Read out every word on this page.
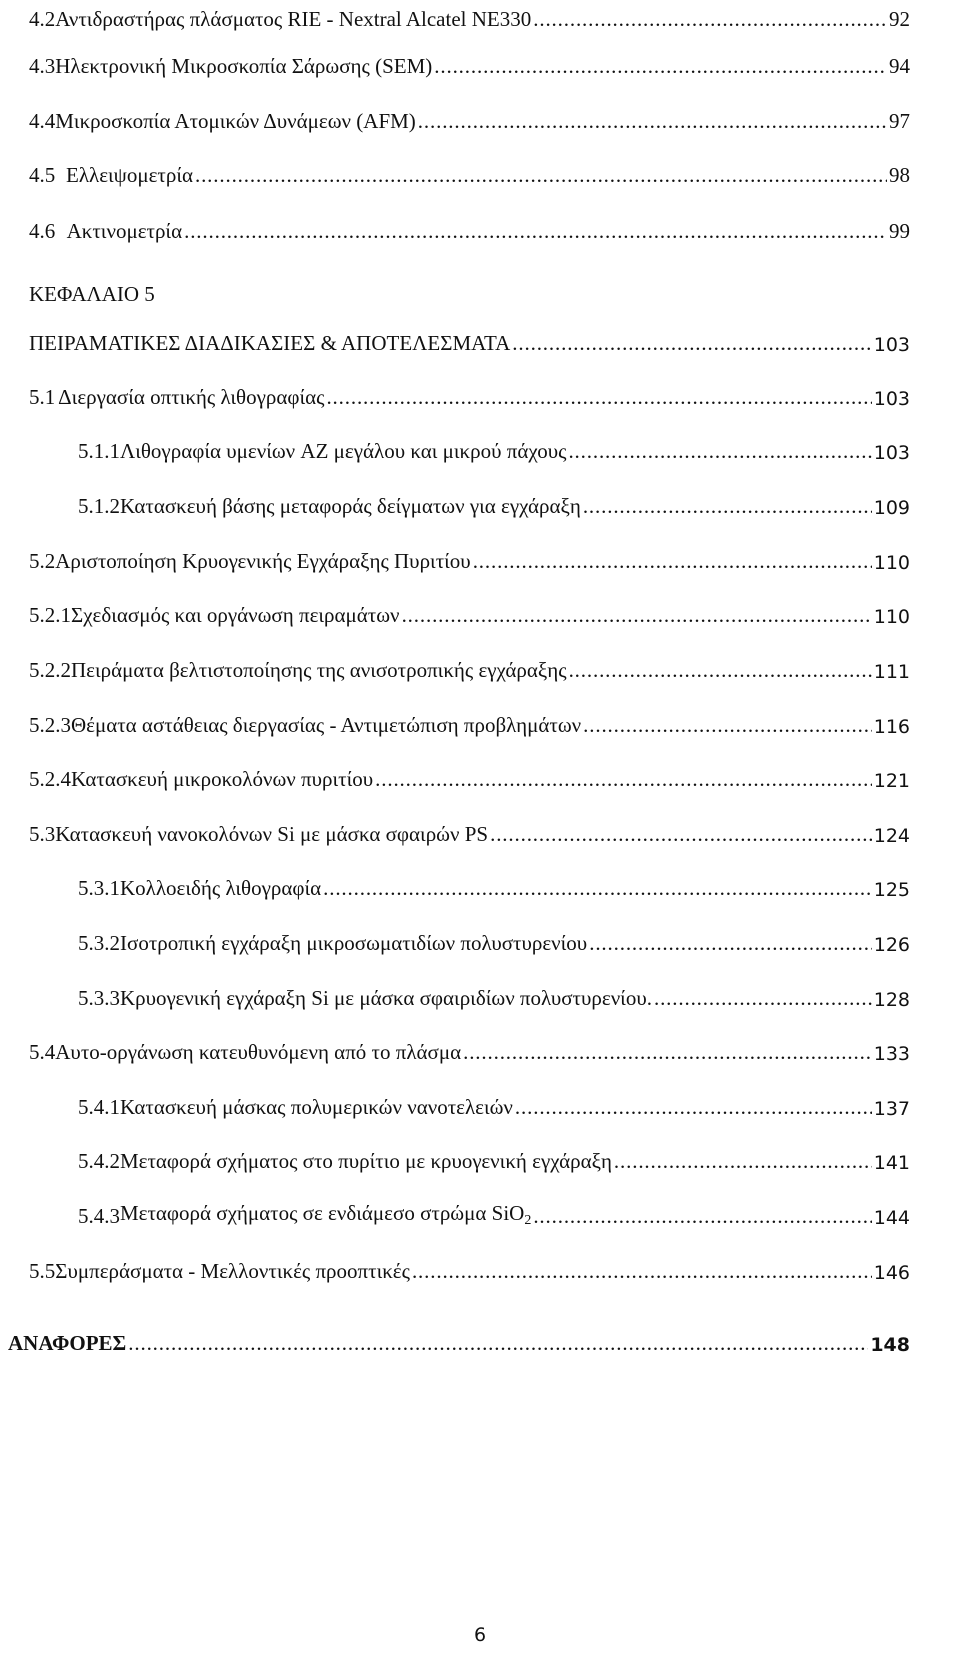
4.2 Αντιδραστήρας πλάσματος RIE - Nextral Alcatel NE330 . . .	92
4.3 Ηλεκτρονική Μικροσκοπία Σάρωσης (SEM) . . .	94
4.4 Μικροσκοπία Ατομικών Δυνάμεων (AFM) . . .	97
4.5 Ελλειψομετρία . . .	98
4.6 Ακτινομετρία . . .	99
ΚΕΦΑΛΑΙΟ 5
ΠΕΙΡΑΜΑΤΙΚΕΣ ΔΙΑΔΙΚΑΣΙΕΣ & ΑΠΟΤΕΛΕΣΜΑΤΑ . . .	103
5.1 Διεργασία οπτικής λιθογραφίας . . .	103
5.1.1 Λιθογραφία υμενίων AZ μεγάλου και μικρού πάχους . . .	103
5.1.2 Κατασκευή βάσης μεταφοράς δείγματων για εγχάραξη . . .	109
5.2 Αριστοποίηση Κρυογενικής Εγχάραξης Πυριτίου . . .	110
5.2.1 Σχεδιασμός και οργάνωση πειραμάτων . . .	110
5.2.2 Πειράματα βελτιστοποίησης της ανισοτροπικής εγχάραξης . . .	111
5.2.3 Θέματα αστάθειας διεργασίας - Αντιμετώπιση προβλημάτων . . .	116
5.2.4 Κατασκευή μικροκολόνων πυριτίου . . .	121
5.3 Κατασκευή νανοκολόνων Si με μάσκα σφαιρών PS . . .	124
5.3.1 Κολλοειδής λιθογραφία . . .	125
5.3.2 Ισοτροπική εγχάραξη μικροσωματιδίων πολυστυρενίου . . .	126
5.3.3 Κρυογενική εγχάραξη Si με μάσκα σφαιριδίων πολυστυρενίου. . . .	128
5.4 Αυτο-οργάνωση κατευθυνόμενη από το πλάσμα . . .	133
5.4.1 Κατασκευή μάσκας πολυμερικών νανοτελειών . . .	137
5.4.2 Μεταφορά σχήματος στο πυρίτιο με κρυογενική εγχάραξη . . .	141
5.4.3 Μεταφορά σχήματος σε ενδιάμεσο στρώμα SiO$_2$ . . .	144
5.5 Συμπεράσματα - Μελλοντικές προοπτικές . . .	146
ΑΝΑΦΟΡΕΣ . . .	148
6
